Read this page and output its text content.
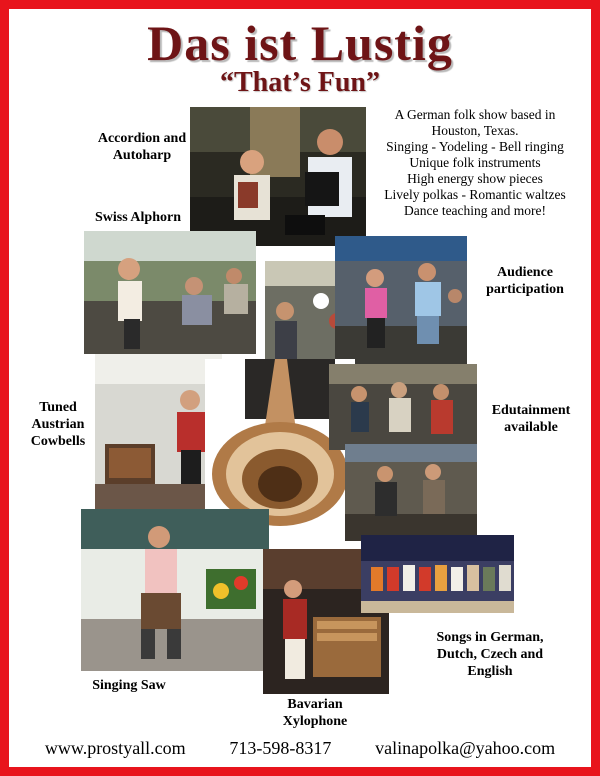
Das ist Lustig
“That’s Fun”
A German folk show based in
Houston, Texas.
Singing - Yodeling - Bell ringing
Unique folk instruments
High energy show pieces
Lively polkas - Romantic waltzes
Dance teaching and more!
Accordion and
Autoharp
Swiss Alphorn
Audience
participation
Tuned
Austrian
Cowbells
Edutainment
available
Songs in German,
Dutch, Czech and
English
Singing Saw
Bavarian
Xylophone
www.prostyall.com 713-598-8317 valinapolka@yahoo.com
